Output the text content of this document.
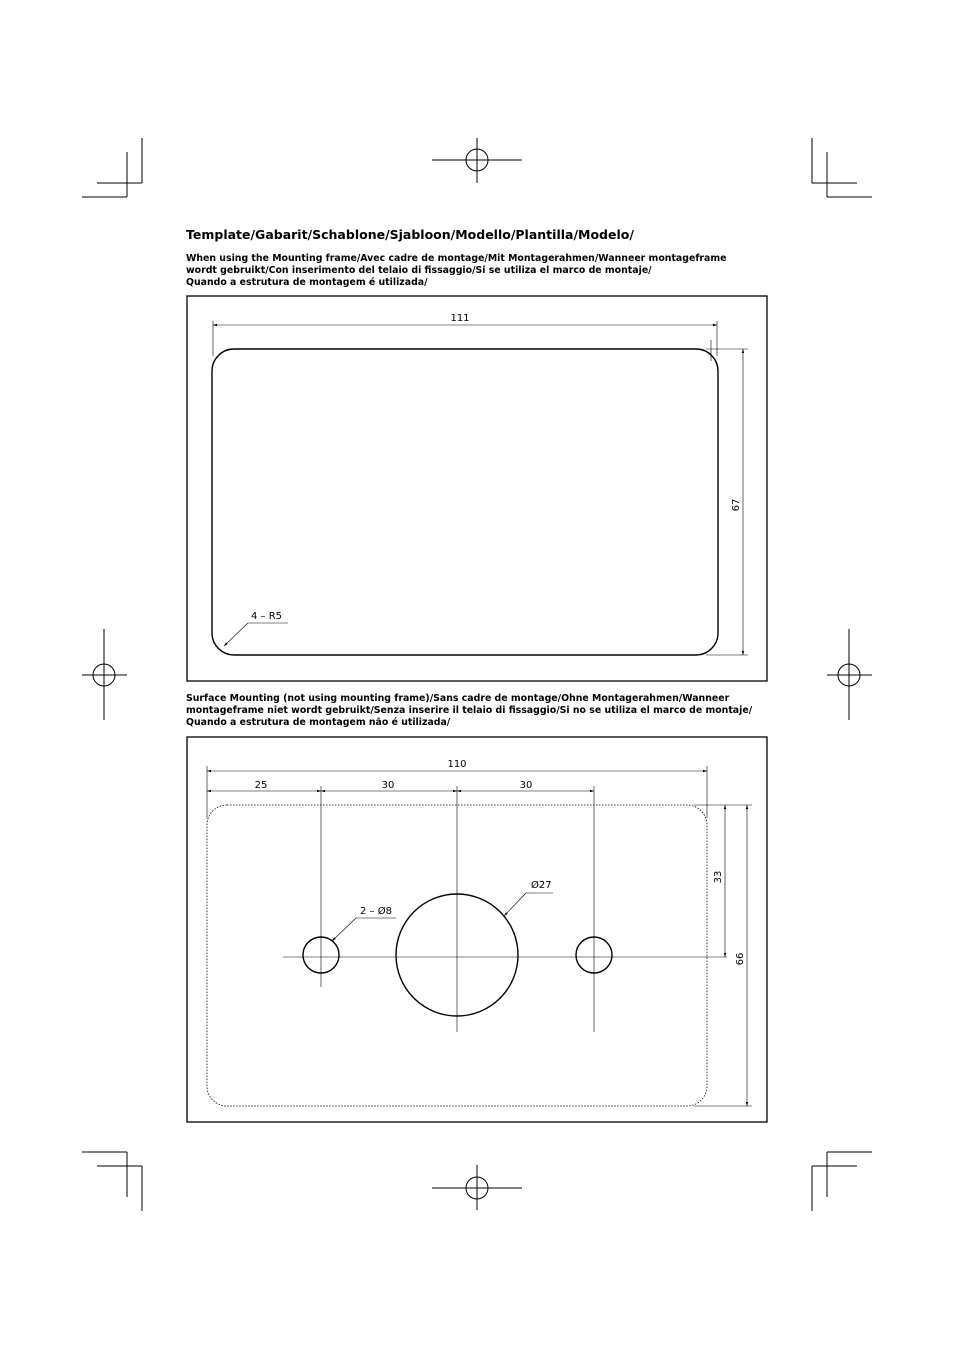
Template/Gabarit/Schablone/Sjabloon/Modello/Plantilla/Modelo/
When using the Mounting frame/Avec cadre de montage/Mit Montagerahmen/Wanneer montageframe
wordt gebruikt/Con inserimento del telaio di fissaggio/Si se utiliza el marco de montaje/
Quando a estrutura de montagem é utilizada/
Surface Mounting (not using mounting frame)/Sans cadre de montage/Ohne Montagerahmen/Wanneer
montageframe niet wordt gebruikt/Senza inserire il telaio di fissaggio/Si no se utiliza el marco de montaje/
Quando a estrutura de montagem não é utilizada/
111
67
4 – R5
110
25	30	30
Ø27
2 – Ø8
33
66
